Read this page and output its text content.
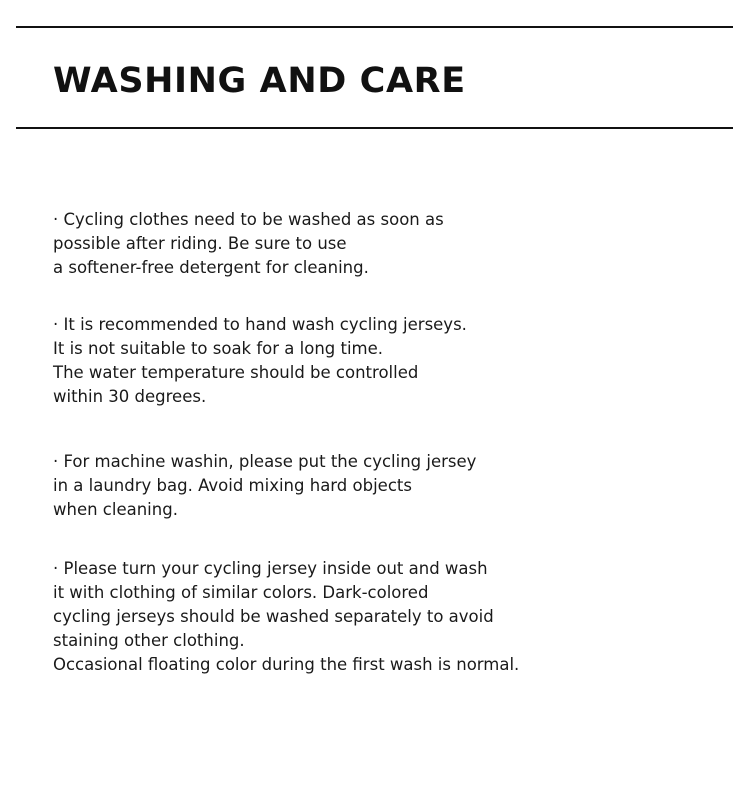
WASHING AND CARE

· Cycling clothes need to be washed as soon as
possible after riding. Be sure to use
a softener-free detergent for cleaning.

· It is recommended to hand wash cycling jerseys.
It is not suitable to soak for a long time.
The water temperature should be controlled
within 30 degrees.

· For machine washin, please put the cycling jersey
in a laundry bag. Avoid mixing hard objects
when cleaning.

· Please turn your cycling jersey inside out and wash
it with clothing of similar colors. Dark-colored
cycling jerseys should be washed separately to avoid
staining other clothing.
Occasional floating color during the first wash is normal.
